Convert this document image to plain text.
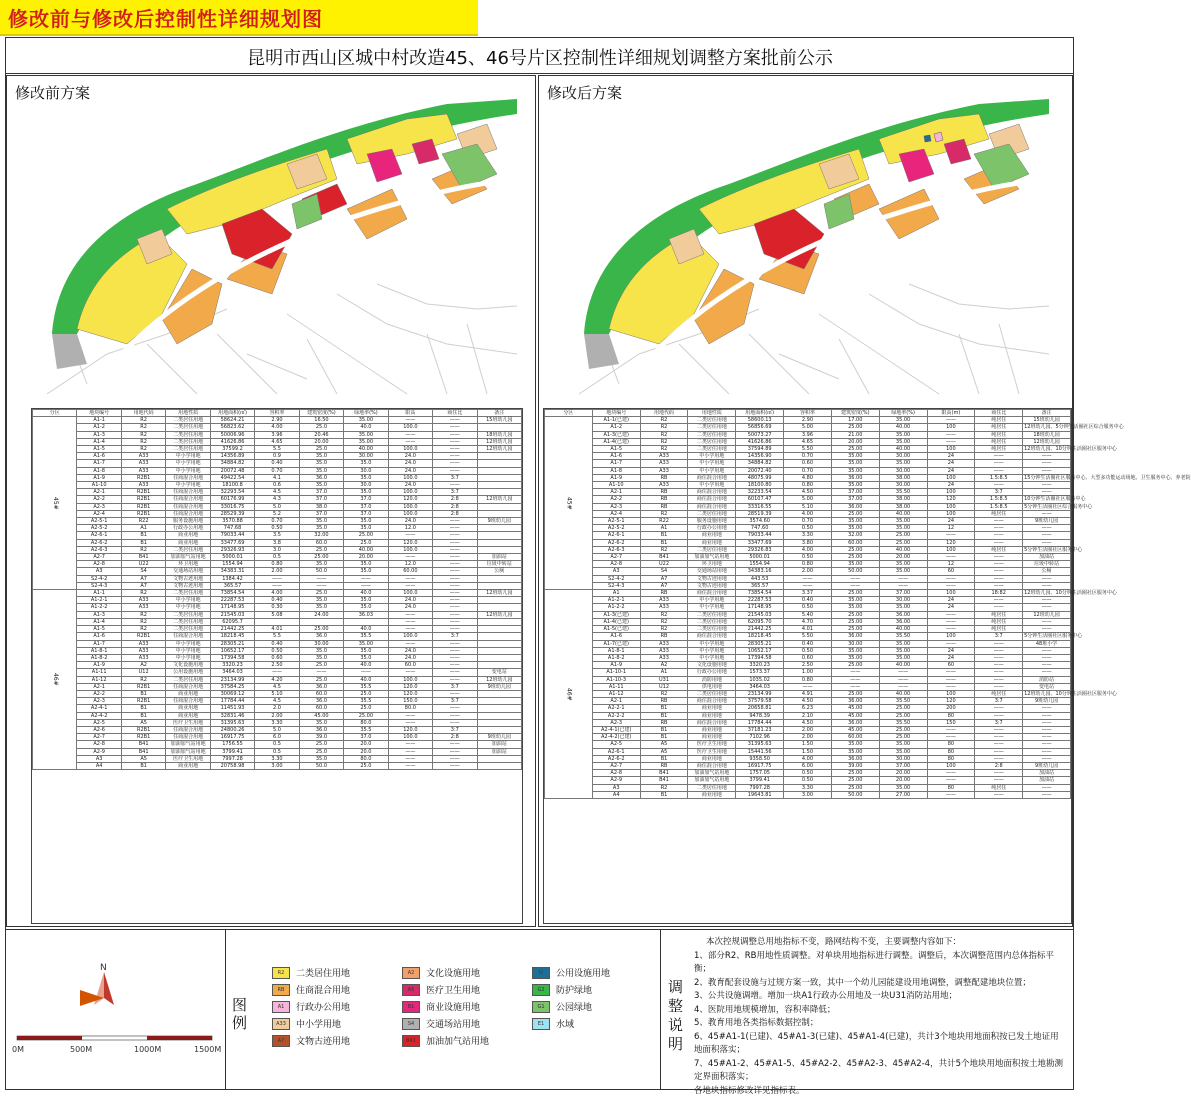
修改前与修改后控制性详细规划图
昆明市西山区城中村改造45、46号片区控制性详细规划调整方案批前公示
修改前方案
分区	地块编号	用地代码	用地性质	用地面积(㎡)	容积率	建筑密度(%)	绿地率(%)	限高	商住比	备注
45#	A1-1	R2	二类居住用地	58624.21	2.90	16.50	35.00	——	——	15班幼儿园
	A1-2	R2	二类居住用地	56823.62	4.00	25.0	40.0	100.0	——	
	A1-3	R2	二类居住用地	50006.96	3.96	20.46	35.00	——	——	18班幼儿园
	A1-4	R2	二类居住用地	41626.86	4.65	20.00	35.00	——	——	12班幼儿园
	A1-5	R2	二类居住用地	37599.2	5.5	25.0	40.00	100.0	——	12班幼儿园
	A1-6	A33	中小学用地	14356.89	0.9	35.0	30.00	24.0	——	
	A1-7	A33	中小学用地	34884.82	0.40	35.0	35.0	24.0	——	
	A1-8	A33	中小学用地	20072.48	0.70	35.0	30.0	24.0	——	
	A1-9	R2B1	住商混合用地	49422.54	4.1	36.0	35.0	100.0	3:7	
	A1-10	A33	中小学用地	18100.8	0.6	35.0	30.0	24.0	——	
	A2-1	R2B1	住商混合用地	32293.54	4.5	37.0	35.0	100.0	3:7	
	A2-2	R2B1	住商混合用地	60176.99	4.3	37.0	37.0	120.0	2:8	12班幼儿园
	A2-3	R2B1	住商混合用地	33016.75	5.0	38.0	37.0	100.0	2:8	
	A2-4	R2B1	住商混合用地	28529.39	5.2	37.0	37.0	100.0	2:8	
	A2-5-1	R22	服务设施用地	3570.88	0.70	35.0	35.0	24.0	——	9班幼儿园
	A2-5-2	A1	行政办公用地	747.68	0.50	35.0	35.0	12.0	——	
	A2-6-1	B1	商业用地	79033.44	3.5	32.00	25.00	——	——	
	A2-6-2	B1	商业用地	33477.69	3.8	60.0	25.0	120.0	——	
	A2-6-3	R2	二类居住用地	29326.93	3.0	25.0	40.00	100.0	——	
	A2-7	B41	加油加气站用地	5000.01	0.5	25.00	20.00	——	——	加油站
	A2-8	U22	环卫用地	1554.94	0.80	35.0	35.0	12.0	——	垃圾中转站
	A3	S4	交通场站用地	34383.31	2.00	50.0	35.0	60.00	——	公厕
	S2-4-2	A7	文物古迹用地	1384.42	——	——	——	——	——	
	S2-4-3	A7	文物古迹用地	365.57	——	——	——	——	——	
46#	A1-1	R2	二类居住用地	73854.54	4.00	25.0	40.0	100.0	——	12班幼儿园
	A1-2-1	A33	中小学用地	22287.53	0.40	35.0	35.0	24.0	——	
	A1-2-2	A33	中小学用地	17148.95	0.30	35.0	35.0	24.0	——	
	A1-3	R2	二类居住用地	21545.03	5.08	24.00	36.03	——	——	12班幼儿园
	A1-4	R2	二类居住用地	62095.7				——	——	
	A1-5	R2	二类居住用地	21442.25	4.01	25.00	40.0	——	——	
	A1-6	R2B1	住商混合用地	18218.45	5.5	36.0	35.5	100.0	3:7	
	A1-7	A33	中小学用地	28305.21	0.40	30.00	35.00	——	——	
	A1-8-1	A33	中小学用地	10652.17	0.50	35.0	35.0	24.0	——	
	A1-8-2	A33	中小学用地	17394.58	0.60	35.0	35.0	24.0	——	
	A1-9	A2	文化设施用地	3320.23	2.50	25.0	40.0	60.0	——	
	A1-11	U12	公用设施用地	3464.03	——	——	——	——	——	变电站
	A1-12	R2	二类居住用地	23134.99	4.20	25.0	40.0	100.0	——	12班幼儿园
	A2-1	R2B1	住商混合用地	37584.25	4.5	36.0	35.5	120.0	3:7	9班幼儿园
	A2-2	B1	商业用地	30069.12	5.10	60.0	25.0	120.0	——	
	A2-3	R2B1	住商混合用地	17784.44	4.5	36.0	35.5	150.0	3:7	
	A2-4-1	B1	商业用地	11451.93	2.0	60.0	25.0	80.0	——	
	A2-4-2	B1	商业用地	32831.46	2.00	45.00	25.00	——	——	
	A2-5	A5	医疗卫生用地	31395.63	3.30	35.0	80.0	——	——	
	A2-6	R2B1	住商混合用地	24800.26	5.0	36.0	35.5	120.0	3:7	
	A2-7	R2B1	住商混合用地	16917.75	6.0	39.0	37.0	100.0	2:8	9班幼儿园
	A2-8	B41	加油加气站用地	1756.55	0.5	25.0	20.0	——	——	加油站
	A2-9	B41	加油加气站用地	3799.41	0.5	25.0	20.0	——	——	加油站
	A3	A5	医疗卫生用地	7997.28	3.30	35.0	80.0	——	——	
	A4	B1	商业用地	20758.98	3.00	50.0	25.0	——	——	
修改后方案
分区	地块编号	用地代码	用地性质	用地面积(㎡)	容积率	建筑密度(%)	绿地率(%)	限高(m)	商住比	备注
45#	A1-1(已建)	R2	二类居住用地	58600.13	2.90	17.00	35.00	——	纯居住	15班幼儿园
	A1-2	R2	二类居住用地	56856.69	5.00	25.00	40.00	100	纯居住	12班幼儿园、5分钟生活圈社区综合服务中心
	A1-3(已建)	R2	二类居住用地	50073.27	3.96	21.00	35.00	——	纯居住	18班幼儿园
	A1-4(已建)	R2	二类居住用地	41626.86	4.65	20.00	35.00	——	纯居住	12班幼儿园
	A1-5	R2	二类居住用地	37594.89	5.50	25.00	40.00	100	纯居住	12班幼儿园、10分钟生活圈社区服务中心
	A1-6	A33	中小学用地	14356.90	0.70	35.00	30.00	24	——	——
	A1-7	A33	中小学用地	34884.82	0.60	35.00	35.00	24	——	——
	A1-8	A33	中小学用地	20072.40	0.70	35.00	30.00	24	——	——
	A1-9	RB	商住混合用地	48075.99	4.80	36.00	38.00	100	1.5:8.5	15分钟生活圈社区服务中心、大型多功能运动场地、卫生服务中心、养老院
	A1-10	A33	中小学用地	18100.80	0.80	35.00	30.00	24	——	——
	A2-1	RB	商住混合用地	32233.54	4.50	37.00	35.50	100	3:7	——
	A2-2	RB	商住混合用地	60107.47	5.00	37.00	38.00	120	1.5:8.5	10分钟生活圈社区服务中心
	A2-3	RB	商住混合用地	33316.55	5.10	36.00	38.00	100	1.5:8.5	5分钟生活圈社区综合服务中心
	A2-4	R2	二类居住用地	28519.39	4.00	25.00	40.00	100	纯居住	——
	A2-5-1	R22	服务设施用地	3574.60	0.70	35.00	35.00	24	——	9班幼儿园
	A2-5-2	A1	行政办公用地	747.60	0.50	35.00	35.00	12	——	——
	A2-6-1	B1	商业用地	79033.44	3.30	32.00	25.00	——	——	——
	A2-6-2	B1	商业用地	33477.69	3.80	60.00	25.00	120	——	——
	A2-6-3	R2	二类居住用地	29326.83	4.00	25.00	40.00	100	纯居住	5分钟生活圈社区服务中心
	A2-7	B41	加油加气站用地	5000.01	0.50	25.00	20.00	——	——	加油站
	A2-8	U22	环卫用地	1554.94	0.80	35.00	35.00	12	——	垃圾中转站
	A3	S4	交通场站用地	34383.16	2.00	50.00	35.00	60	——	公厕
	S2-4-2	A7	文物古迹用地	443.53	——	——	——	——	——	——
	S2-4-3	A7	文物古迹用地	365.57	——	——	——	——	——	——
46#	A1	RB	商住混合用地	73854.54	3.37	25.00	37.00	100	18:82	12班幼儿园、10分钟生活圈社区服务中心
	A1-2-1	A33	中小学用地	22287.53	0.40	35.00	30.00	24	——	——
	A1-2-2	A33	中小学用地	17148.95	0.50	35.00	35.00	24	——	——
	A1-3(已建)	R2	二类居住用地	21545.03	5.40	25.00	36.00	——	纯居住	12班幼儿园
	A1-4(已建)	R2	二类居住用地	62095.70	4.70	25.00	36.00	——	纯居住	——
	A1-5(已建)	R2	二类居住用地	21442.25	4.01	25.00	40.00	——	纯居住	——
	A1-6	RB	商住混合用地	18218.45	5.50	36.00	35.50	100	3:7	5分钟生活圈社区服务中心
	A1-7(已建)	A33	中小学用地	28305.21	0.40	30.00	35.00	——	——	48班小学
	A1-8-1	A33	中小学用地	10652.17	0.50	35.00	35.00	24	——	——
	A1-8-2	A33	中小学用地	17394.58	0.60	35.00	35.00	24	——	——
	A1-9	A2	文化设施用地	3320.23	2.50	25.00	40.00	60	——	——
	A1-10-1	A1	行政办公用地	1573.37	1.00	——	——	——	——	——
	A1-10-3	U31	消防用地	1035.02	0.80	——	——	——	——	消防站
	A1-11	U12	供电用地	3464.03	——	——	——	——	——	变电站
	A1-12	R2	二类居住用地	23134.99	4.91	25.00	40.00	100	纯居住	12班幼儿园、10分钟生活圈社区服务中心
	A2-1	RB	商住混合用地	37579.58	4.50	36.00	35.50	120	3:7	9班幼儿园
	A2-2-1	B1	商业用地	20658.81	6.23	45.00	25.00	200	——	——
	A2-2-2	B1	商业用地	9478.39	2.10	45.00	25.00	80	——	——
	A2-3	RB	商住混合用地	17784.44	4.50	36.00	35.50	150	3:7	——
	A2-4-1(已建)	B1	商业用地	37181.23	2.00	45.00	25.00	——	——	——
	A2-4-2(已建)	B1	商业用地	7102.96	2.00	60.00	25.00	——	——	——
	A2-5	A5	医疗卫生用地	31395.63	1.50	35.00	35.00	80	——	——
	A2-6-1	A5	医疗卫生用地	15441.56	1.50	35.00	35.00	80	——	——
	A2-6-2	B1	商业用地	9358.50	4.00	36.00	30.00	80	——	——
	A2-7	RB	商住混合用地	16917.75	6.00	39.00	37.00	100	2:8	9班幼儿园
	A2-8	B41	加油加气站用地	1757.05	0.50	25.00	20.00	——	——	加油站
	A2-9	B41	加油加气站用地	3799.41	0.50	25.00	20.00	——	——	加油站
	A3	R2	二类居住用地	7997.28	3.30	25.00	35.00	80	纯居住	——
	A4	B1	商业用地	19643.81	3.00	50.00	27.00	——	——	——
N
0M	500M	1000M	1500M
图例
R2	二类居住用地
RB	住商混合用地
A1	行政办公用地
A33	中小学用地
A7	文物古迹用地
A2	文化设施用地
A5	医疗卫生用地
B1	商业设施用地
S4	交通场站用地
B41	加油加气站用地
U	公用设施用地
G2	防护绿地
G1	公园绿地
E1	水域
调整说明
本次控规调整总用地指标不变，路网结构不变，主要调整内容如下：
1、部分R2、RB用地性质调整。对单块用地指标进行调整。调整后，本次调整范围内总体指标平衡；
2、教育配套设施与过规方案一致，其中一个幼儿园能建设用地调整，调整配建地块位置；
3、公共设施调增。增加一块A1行政办公用地及一块U31消防站用地；
4、医院用地规模增加，容积率降低；
5、教育用地各类指标数据控制；
6、45#A1-1(已建)、45#A1-3(已建)、45#A1-4(已建)，共计3个地块用地面积按已发土地证用地面积落实；
7、45#A1-2、45#A1-5、45#A2-2、45#A2-3、45#A2-4，共计5个地块用地面积按土地勘测定界面积落实；
各地块指标修改详见指标表。
